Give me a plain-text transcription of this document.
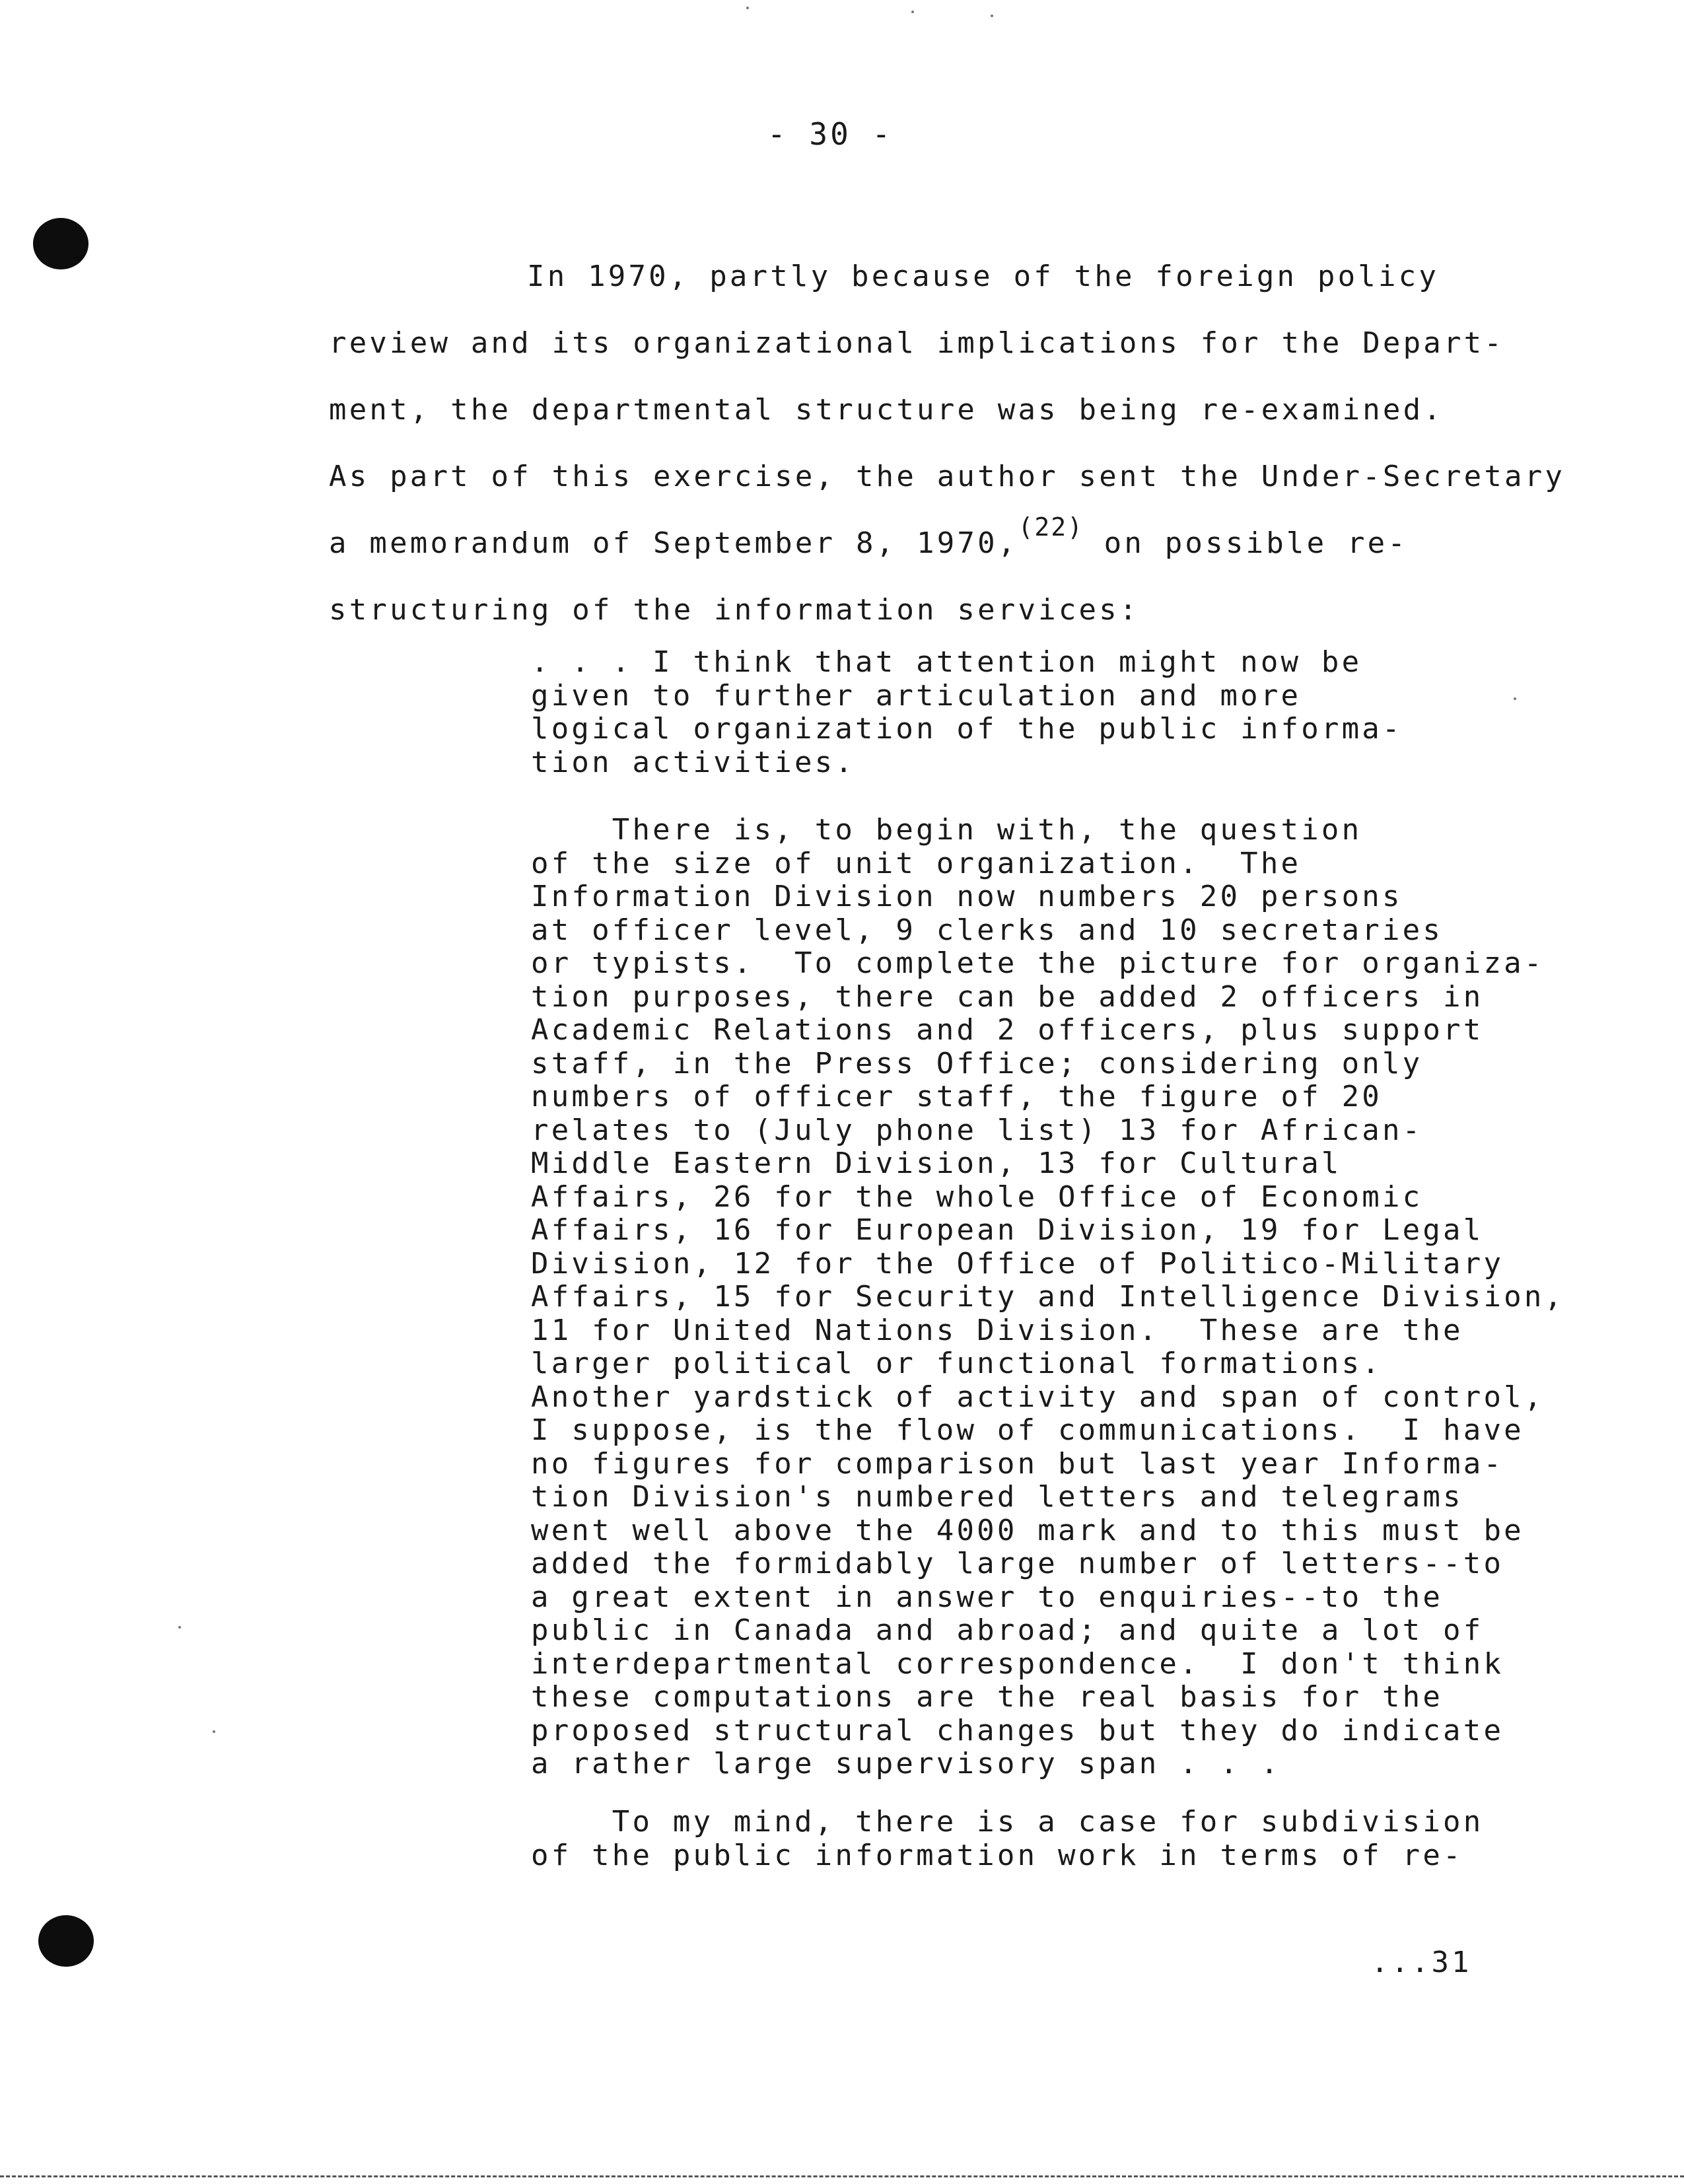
- 30 -

In 1970, partly because of the foreign policy
review and its organizational implications for the Depart-
ment, the departmental structure was being re-examined.
As part of this exercise, the author sent the Under-Secretary
a memorandum of September 8, 1970,$^{(22)}$ on possible re-
structuring of the information services:

. . . I think that attention might now be
given to further articulation and more
logical organization of the public informa-
tion activities.

There is, to begin with, the question
of the size of unit organization.  The
Information Division now numbers 20 persons
at officer level, 9 clerks and 10 secretaries
or typists.  To complete the picture for organiza-
tion purposes, there can be added 2 officers in
Academic Relations and 2 officers, plus support
staff, in the Press Office; considering only
numbers of officer staff, the figure of 20
relates to (July phone list) 13 for African-
Middle Eastern Division, 13 for Cultural
Affairs, 26 for the whole Office of Economic
Affairs, 16 for European Division, 19 for Legal
Division, 12 for the Office of Politico-Military
Affairs, 15 for Security and Intelligence Division,
11 for United Nations Division.  These are the
larger political or functional formations.
Another yardstick of activity and span of control,
I suppose, is the flow of communications.  I have
no figures for comparison but last year Informa-
tion Division's numbered letters and telegrams
went well above the 4000 mark and to this must be
added the formidably large number of letters--to
a great extent in answer to enquiries--to the
public in Canada and abroad; and quite a lot of
interdepartmental correspondence.  I don't think
these computations are the real basis for the
proposed structural changes but they do indicate
a rather large supervisory span . . .

To my mind, there is a case for subdivision
of the public information work in terms of re-

...31
